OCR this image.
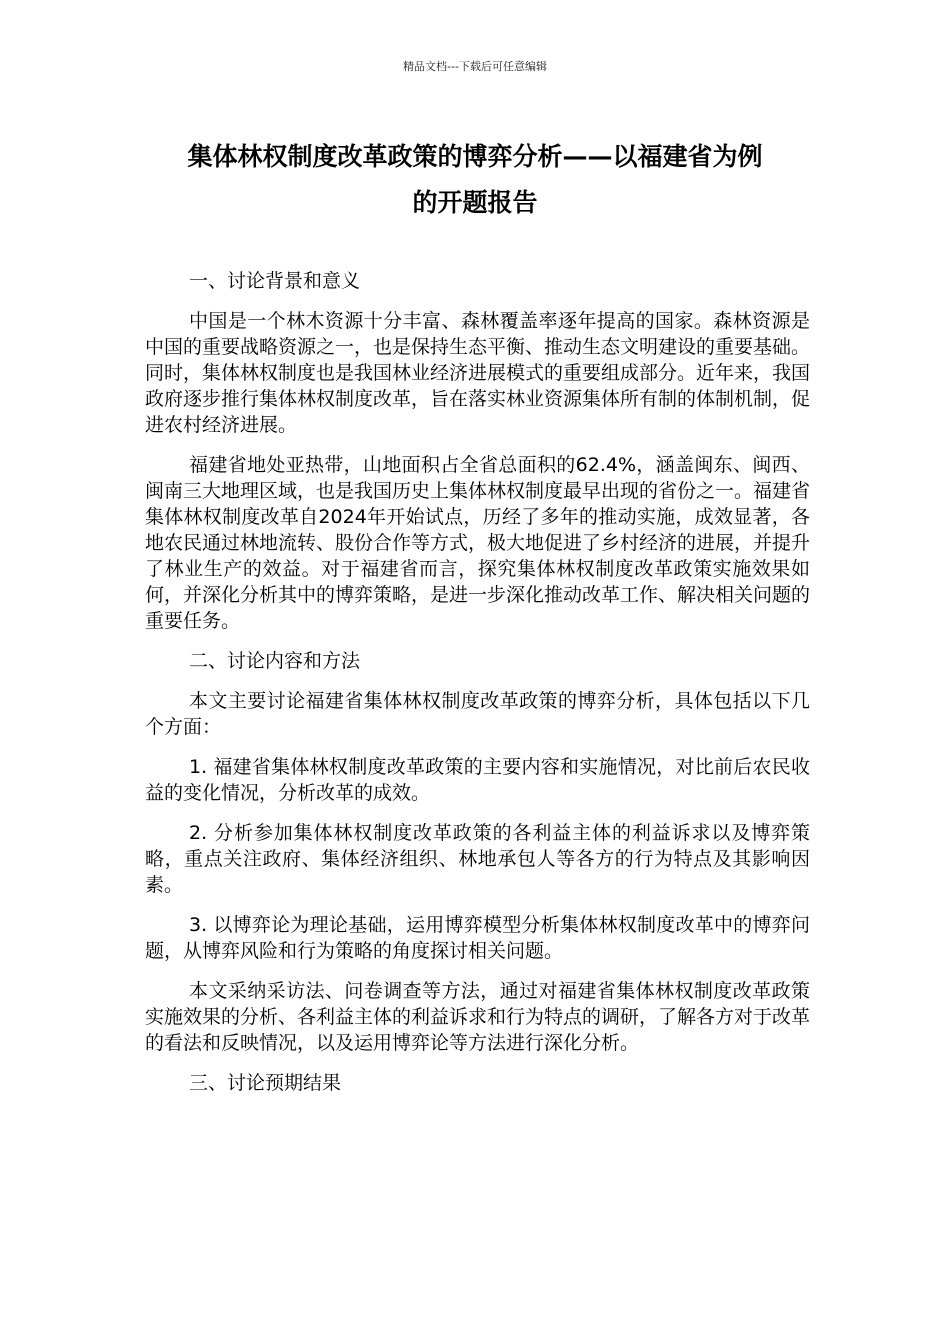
精品文档---下载后可任意编辑
集体林权制度改革政策的博弈分析——以福建省为例
的开题报告

一、讨论背景和意义

中国是一个林木资源十分丰富、森林覆盖率逐年提高的国家。森林资源是中国的重要战略资源之一，也是保持生态平衡、推动生态文明建设的重要基础。同时，集体林权制度也是我国林业经济进展模式的重要组成部分。近年来，我国政府逐步推行集体林权制度改革，旨在落实林业资源集体所有制的体制机制，促进农村经济进展。

福建省地处亚热带，山地面积占全省总面积的62.4%，涵盖闽东、闽西、闽南三大地理区域，也是我国历史上集体林权制度最早出现的省份之一。福建省集体林权制度改革自2024年开始试点，历经了多年的推动实施，成效显著，各地农民通过林地流转、股份合作等方式，极大地促进了乡村经济的进展，并提升了林业生产的效益。对于福建省而言，探究集体林权制度改革政策实施效果如何，并深化分析其中的博弈策略，是进一步深化推动改革工作、解决相关问题的重要任务。

二、讨论内容和方法

本文主要讨论福建省集体林权制度改革政策的博弈分析，具体包括以下几个方面：

1. 福建省集体林权制度改革政策的主要内容和实施情况，对比前后农民收益的变化情况，分析改革的成效。

2. 分析参加集体林权制度改革政策的各利益主体的利益诉求以及博弈策略，重点关注政府、集体经济组织、林地承包人等各方的行为特点及其影响因素。

3. 以博弈论为理论基础，运用博弈模型分析集体林权制度改革中的博弈问题，从博弈风险和行为策略的角度探讨相关问题。

本文采纳采访法、问卷调查等方法，通过对福建省集体林权制度改革政策实施效果的分析、各利益主体的利益诉求和行为特点的调研，了解各方对于改革的看法和反映情况，以及运用博弈论等方法进行深化分析。

三、讨论预期结果
